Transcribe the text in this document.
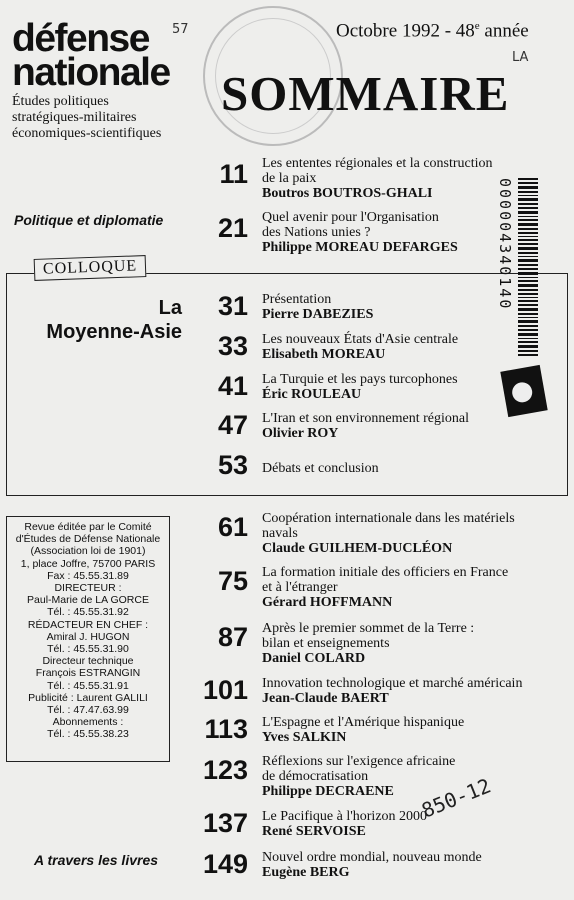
défense
nationale
Études politiques
stratégiques-militaires
économiques-scientifiques
57
LA
Octobre 1992 - 48e année
SOMMAIRE
Politique et diplomatie
COLLOQUE
La
Moyenne-Asie
A travers les livres
11 Les ententes régionales et la construction
de la paix
Boutros BOUTROS-GHALI
21 Quel avenir pour l'Organisation
des Nations unies ?
Philippe MOREAU DEFARGES
31 Présentation
Pierre DABEZIES
33 Les nouveaux États d'Asie centrale
Elisabeth MOREAU
41 La Turquie et les pays turcophones
Éric ROULEAU
47 L'Iran et son environnement régional
Olivier ROY
53 Débats et conclusion
61 Coopération internationale dans les matériels
navals
Claude GUILHEM-DUCLÉON
75 La formation initiale des officiers en France
et à l'étranger
Gérard HOFFMANN
87 Après le premier sommet de la Terre :
bilan et enseignements
Daniel COLARD
101 Innovation technologique et marché américain
Jean-Claude BAERT
113 L'Espagne et l'Amérique hispanique
Yves SALKIN
123 Réflexions sur l'exigence africaine
de démocratisation
Philippe DECRAENE
137 Le Pacifique à l'horizon 2000
René SERVOISE
149 Nouvel ordre mondial, nouveau monde
Eugène BERG
Revue éditée par le Comité
d'Études de Défense Nationale
(Association loi de 1901)
1, place Joffre, 75700 PARIS
Fax : 45.55.31.89
DIRECTEUR :
Paul-Marie de LA GORCE
Tél. : 45.55.31.92
RÉDACTEUR EN CHEF :
Amiral J. HUGON
Tél. : 45.55.31.90
Directeur technique
François ESTRANGIN
Tél. : 45.55.31.91
Publicité : Laurent GALILI
Tél. : 47.47.63.99
Abonnements :
Tél. : 45.55.38.23
0000043401​40
850-12
